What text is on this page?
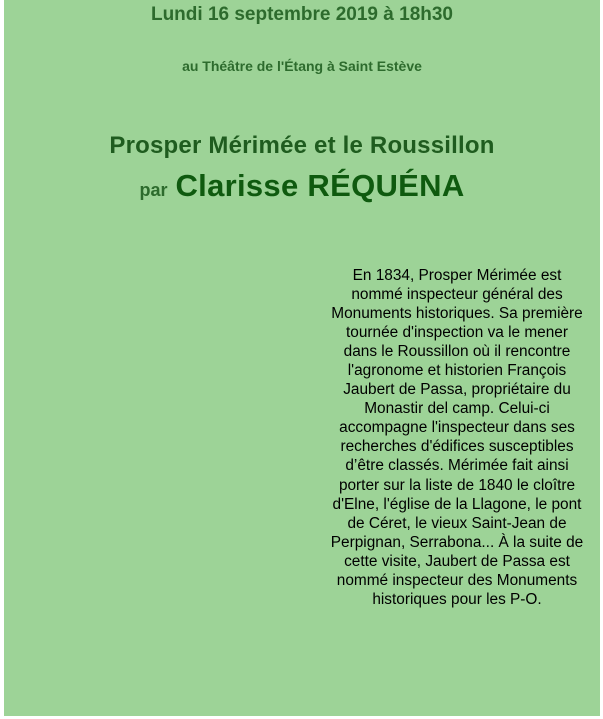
Lundi 16 septembre 2019 à 18h30
au Théâtre de l'Étang à Saint Estève
Prosper Mérimée et le Roussillon
par Clarisse RÉQUÉNA
En 1834, Prosper Mérimée est nommé inspecteur général des Monuments historiques. Sa première tournée d'inspection va le mener dans le Roussillon où il rencontre l'agronome et historien François Jaubert de Passa, propriétaire du Monastir del camp. Celui-ci accompagne l'inspecteur dans ses recherches d'édifices susceptibles d’être classés. Mérimée fait ainsi porter sur la liste de 1840 le cloître d'Elne, l'église de la Llagone, le pont de Céret, le vieux Saint-Jean de Perpignan, Serrabona... À la suite de cette visite, Jaubert de Passa est nommé inspecteur des Monuments historiques pour les P-O.
